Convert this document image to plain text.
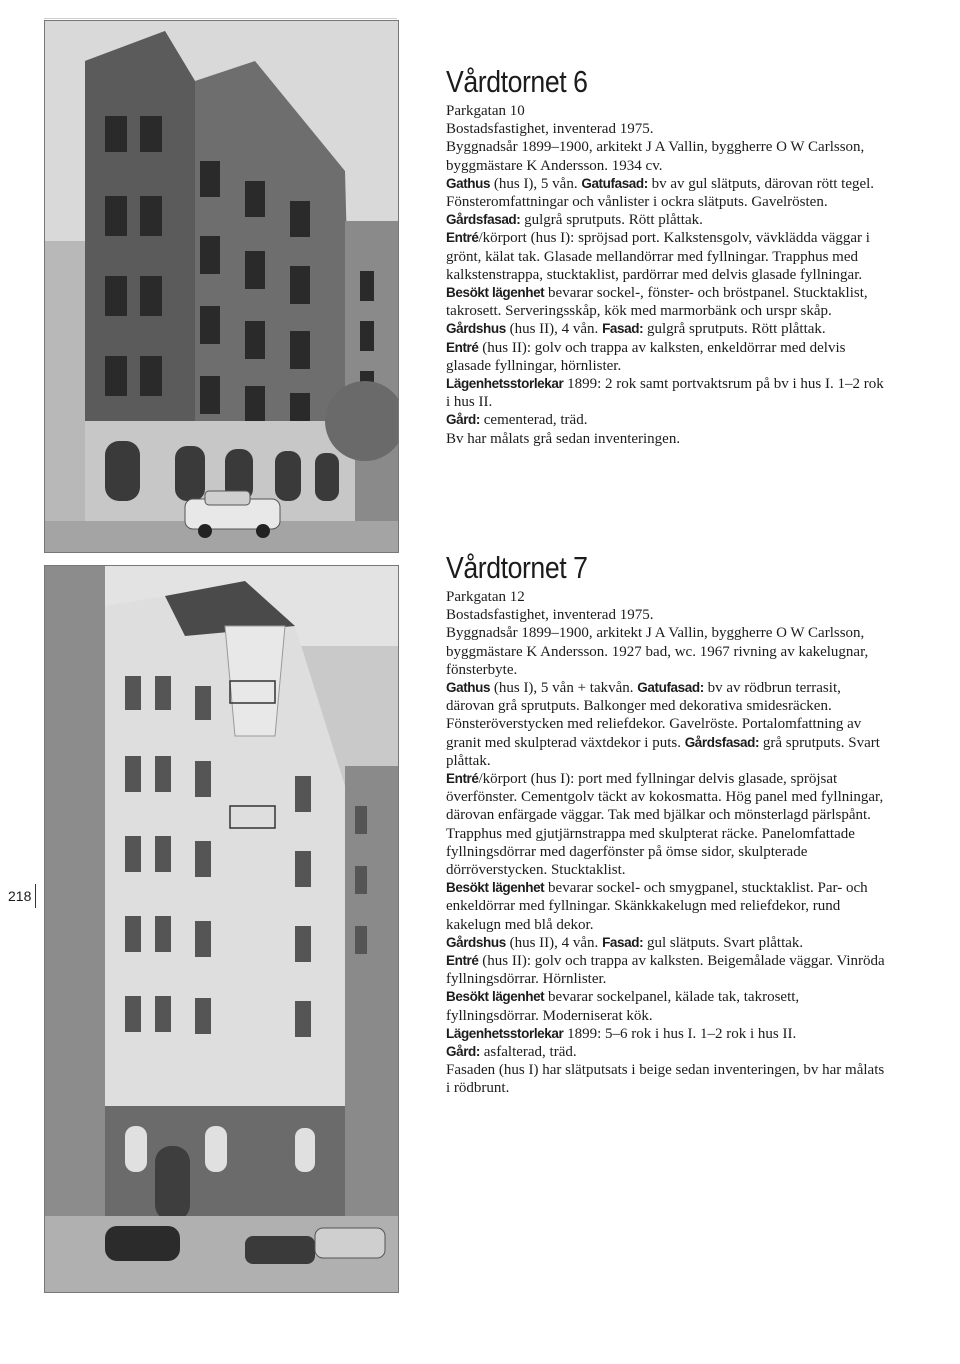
218
Vårdtornet 6

Parkgatan 10

Bostadsfastighet, inventerad 1975.

Byggnadsår 1899–1900, arkitekt J A Vallin, byggherre O W Carlsson, byggmästare K Andersson. 1934 cv.

Gathus (hus I), 5 vån. Gatufasad: bv av gul slätputs, därovan rött tegel. Fönsteromfattningar och vånlister i ockra slätputs. Gavelrösten. Gårdsfasad: gulgrå sprutputs. Rött plåttak.

Entré/körport (hus I): spröjsad port. Kalkstensgolv, vävklädda väggar i grönt, kälat tak. Glasade mellandörrar med fyllningar. Trapphus med kalkstenstrappa, stucktaklist, pardörrar med delvis glasade fyllningar.

Besökt lägenhet bevarar sockel-, fönster- och bröstpanel. Stucktaklist, takrosett. Serveringsskåp, kök med marmorbänk och urspr skåp.

Gårdshus (hus II), 4 vån. Fasad: gulgrå sprutputs. Rött plåttak.

Entré (hus II): golv och trappa av kalksten, enkeldörrar med delvis glasade fyllningar, hörnlister.

Lägenhetsstorlekar 1899: 2 rok samt portvaktsrum på bv i hus I. 1–2 rok i hus II.

Gård: cementerad, träd.

Bv har målats grå sedan inventeringen.

Vårdtornet 7

Parkgatan 12

Bostadsfastighet, inventerad 1975.

Byggnadsår 1899–1900, arkitekt J A Vallin, byggherre O W Carlsson, byggmästare K Andersson. 1927 bad, wc. 1967 rivning av kakelugnar, fönsterbyte.

Gathus (hus I), 5 vån + takvån. Gatufasad: bv av rödbrun terrasit, därovan grå sprutputs. Balkonger med dekorativa smidesräcken. Fönsteröverstycken med reliefdekor. Gavelröste. Portalomfattning av granit med skulpterad växtdekor i puts. Gårdsfasad: grå sprutputs. Svart plåttak.

Entré/körport (hus I): port med fyllningar delvis glasade, spröjsat överfönster. Cementgolv täckt av kokosmatta. Hög panel med fyllningar, därovan enfärgade väggar. Tak med bjälkar och mönsterlagd pärlspånt. Trapphus med gjutjärnstrappa med skulpterat räcke. Panelomfattade fyllningsdörrar med dagerfönster på ömse sidor, skulpterade dörröverstycken. Stucktaklist.

Besökt lägenhet bevarar sockel- och smygpanel, stucktaklist. Par- och enkeldörrar med fyllningar. Skänkkakelugn med reliefdekor, rund kakelugn med blå dekor.

Gårdshus (hus II), 4 vån. Fasad: gul slätputs. Svart plåttak.

Entré (hus II): golv och trappa av kalksten. Beigemålade väggar. Vinröda fyllningsdörrar. Hörnlister.

Besökt lägenhet bevarar sockelpanel, kälade tak, takrosett, fyllningsdörrar. Moderniserat kök.

Lägenhetsstorlekar 1899: 5–6 rok i hus I. 1–2 rok i hus II.

Gård: asfalterad, träd.

Fasaden (hus I) har slätputsats i beige sedan inventeringen, bv har målats i rödbrunt.
